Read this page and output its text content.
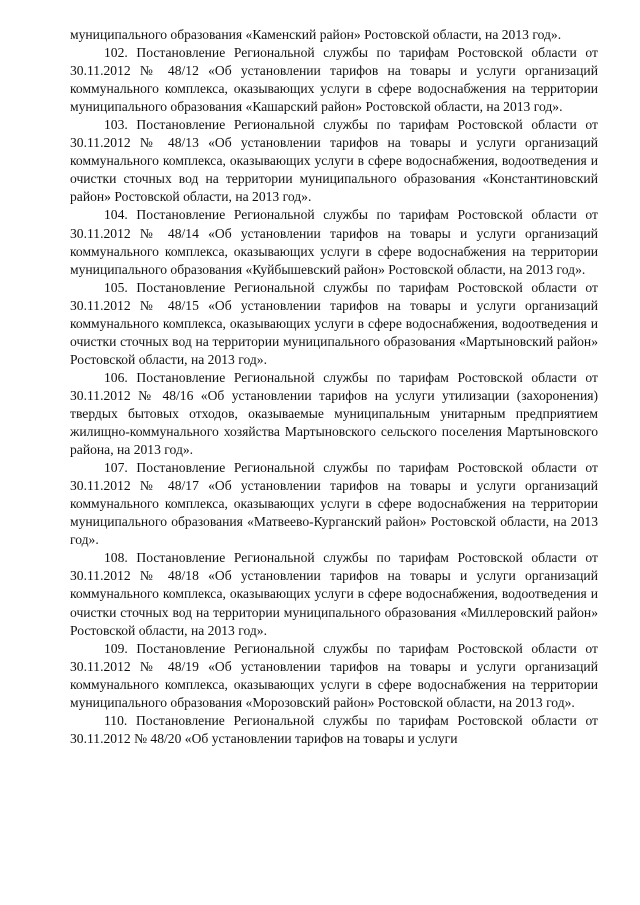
муниципального образования «Каменский район» Ростовской области, на 2013 год».

102. Постановление Региональной службы по тарифам Ростовской области от 30.11.2012 № 48/12 «Об установлении тарифов на товары и услуги организаций коммунального комплекса, оказывающих услуги в сфере водоснабжения на территории муниципального образования «Кашарский район» Ростовской области, на 2013 год».

103. Постановление Региональной службы по тарифам Ростовской области от 30.11.2012 № 48/13 «Об установлении тарифов на товары и услуги организаций коммунального комплекса, оказывающих услуги в сфере водоснабжения, водоотведения и очистки сточных вод на территории муниципального образования «Константиновский район» Ростовской области, на 2013 год».

104. Постановление Региональной службы по тарифам Ростовской области от 30.11.2012 № 48/14 «Об установлении тарифов на товары и услуги организаций коммунального комплекса, оказывающих услуги в сфере водоснабжения на территории муниципального образования «Куйбышевский район» Ростовской области, на 2013 год».

105. Постановление Региональной службы по тарифам Ростовской области от 30.11.2012 № 48/15 «Об установлении тарифов на товары и услуги организаций коммунального комплекса, оказывающих услуги в сфере водоснабжения, водоотведения и очистки сточных вод на территории муниципального образования «Мартыновский район» Ростовской области, на 2013 год».

106. Постановление Региональной службы по тарифам Ростовской области от 30.11.2012 № 48/16 «Об установлении тарифов на услуги утилизации (захоронения) твердых бытовых отходов, оказываемые муниципальным унитарным предприятием жилищно-коммунального хозяйства Мартыновского сельского поселения Мартыновского района, на 2013 год».

107. Постановление Региональной службы по тарифам Ростовской области от 30.11.2012 № 48/17 «Об установлении тарифов на товары и услуги организаций коммунального комплекса, оказывающих услуги в сфере водоснабжения на территории муниципального образования «Матвеево-Курганский район» Ростовской области, на 2013 год».

108. Постановление Региональной службы по тарифам Ростовской области от 30.11.2012 № 48/18 «Об установлении тарифов на товары и услуги организаций коммунального комплекса, оказывающих услуги в сфере водоснабжения, водоотведения и очистки сточных вод на территории муниципального образования «Миллеровский район» Ростовской области, на 2013 год».

109. Постановление Региональной службы по тарифам Ростовской области от 30.11.2012 № 48/19 «Об установлении тарифов на товары и услуги организаций коммунального комплекса, оказывающих услуги в сфере водоснабжения на территории муниципального образования «Морозовский район» Ростовской области, на 2013 год».

110. Постановление Региональной службы по тарифам Ростовской области от 30.11.2012 № 48/20 «Об установлении тарифов на товары и услуги
